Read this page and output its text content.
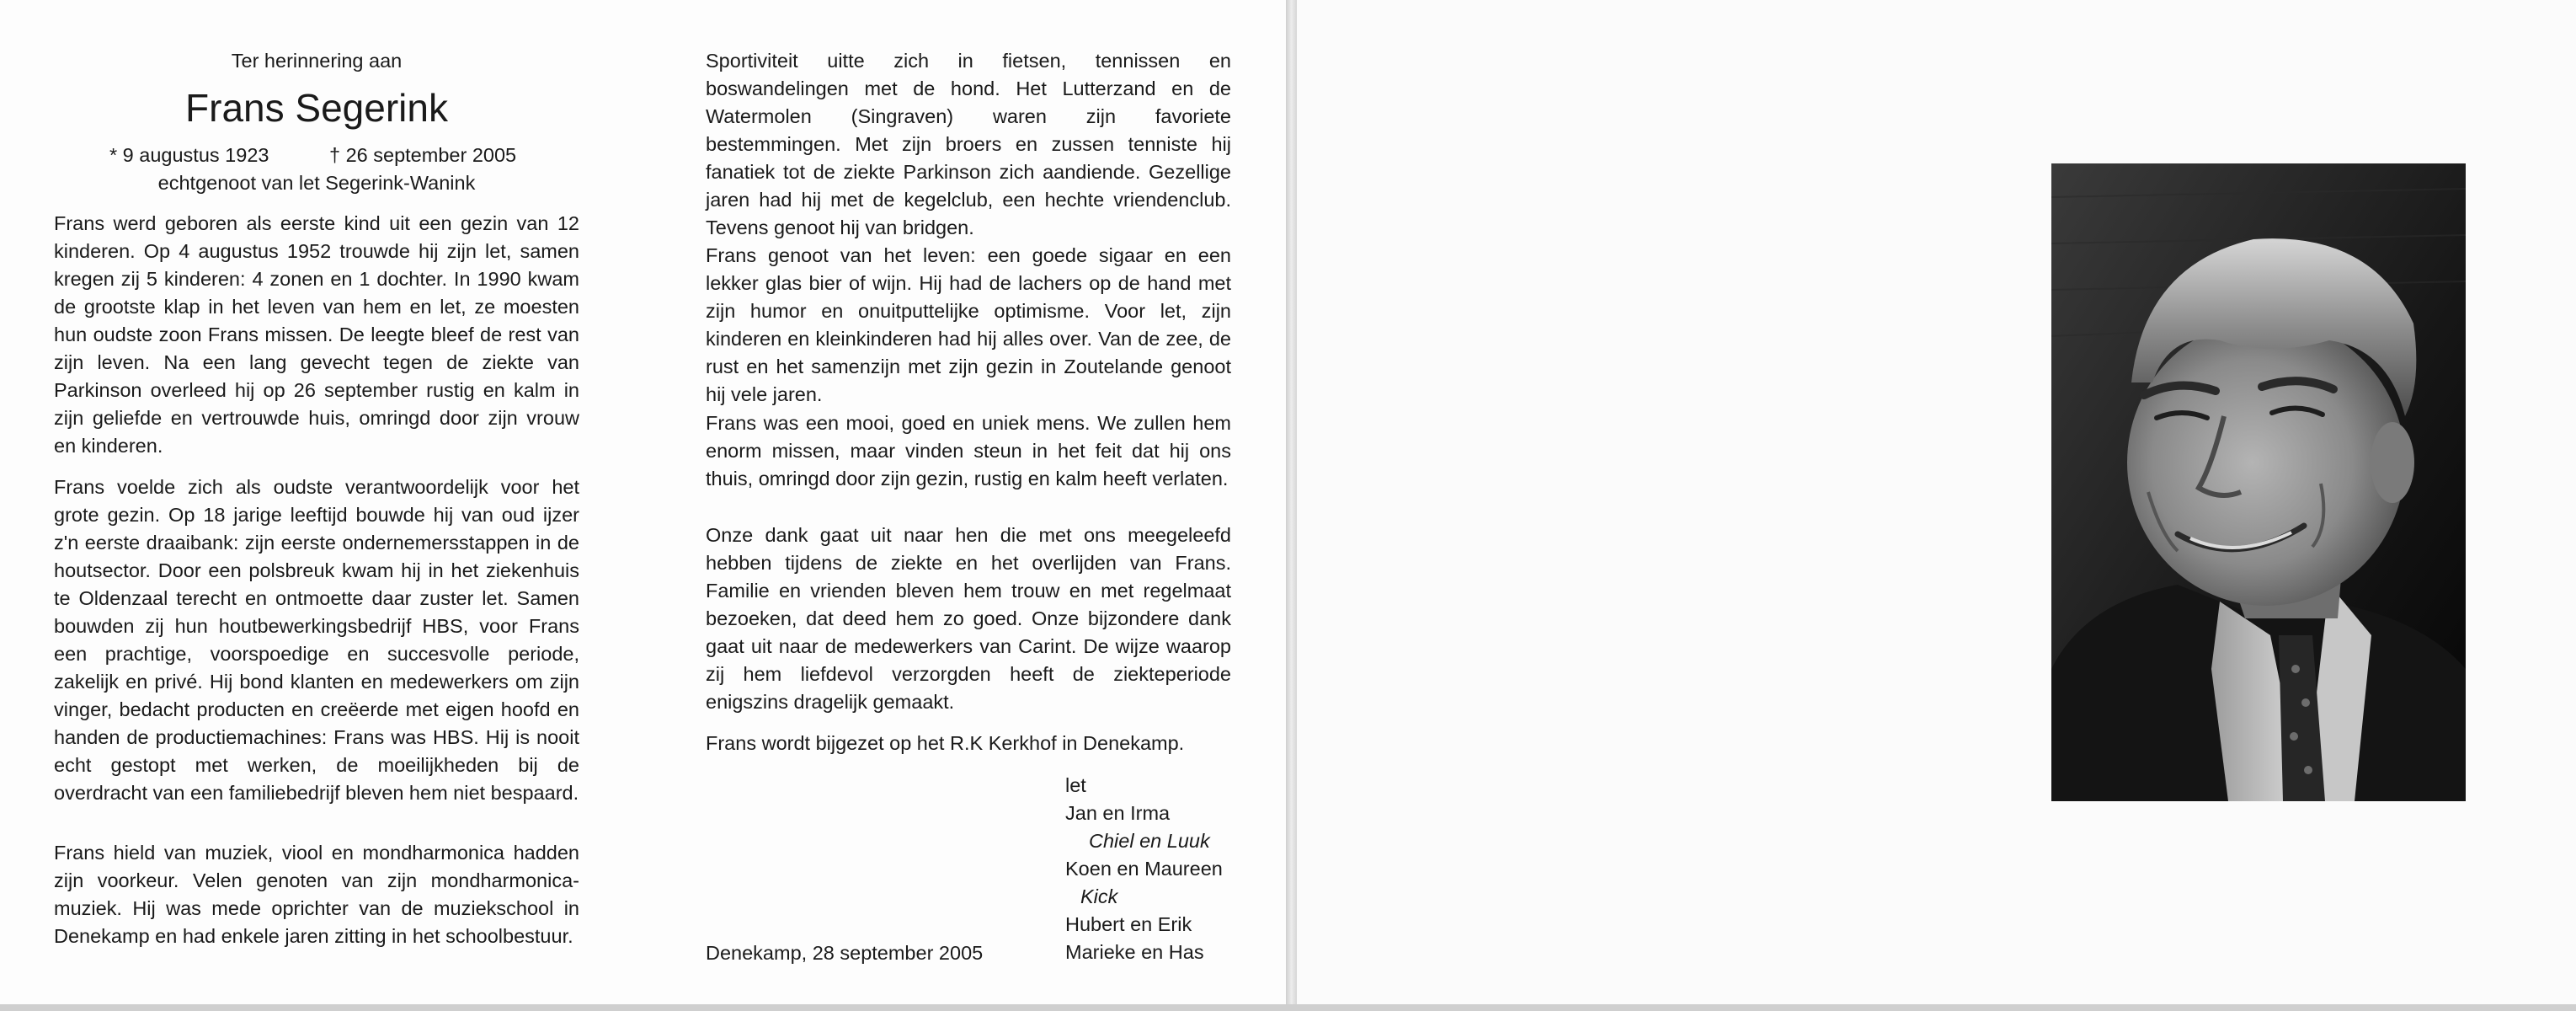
Ter herinnering aan
Frans Segerink
* 9 augustus 1923	† 26 september 2005
echtgenoot van let Segerink-Wanink

Frans werd geboren als eerste kind uit een gezin van 12 kinderen. Op 4 augustus 1952 trouwde hij zijn let, samen kregen zij 5 kinderen: 4 zonen en 1 dochter. In 1990 kwam de grootste klap in het leven van hem en let, ze moesten hun oudste zoon Frans missen. De leegte bleef de rest van zijn leven. Na een lang gevecht tegen de ziekte van Parkinson overleed hij op 26 september rustig en kalm in zijn geliefde en vertrouwde huis, omringd door zijn vrouw en kinderen.

Frans voelde zich als oudste verantwoordelijk voor het grote gezin. Op 18 jarige leeftijd bouwde hij van oud ijzer z'n eerste draaibank: zijn eerste ondernemersstappen in de houtsector. Door een polsbreuk kwam hij in het ziekenhuis te Oldenzaal terecht en ontmoette daar zuster let. Samen bouwden zij hun houtbewerkingsbedrijf HBS, voor Frans een prachtige, voorspoedige en succesvolle periode, zakelijk en privé. Hij bond klanten en medewerkers om zijn vinger, bedacht producten en creëerde met eigen hoofd en handen de productiemachines: Frans was HBS. Hij is nooit echt gestopt met werken, de moeilijkheden bij de overdracht van een familiebedrijf bleven hem niet bespaard.

Frans hield van muziek, viool en mondharmonica hadden zijn voorkeur. Velen genoten van zijn mondharmonica-muziek. Hij was mede oprichter van de muziekschool in Denekamp en had enkele jaren zitting in het schoolbestuur.

Sportiviteit uitte zich in fietsen, tennissen en boswandelingen met de hond. Het Lutterzand en de Watermolen (Singraven) waren zijn favoriete bestemmingen. Met zijn broers en zussen tenniste hij fanatiek tot de ziekte Parkinson zich aandiende. Gezellige jaren had hij met de kegelclub, een hechte vriendenclub. Tevens genoot hij van bridgen.

Frans genoot van het leven: een goede sigaar en een lekker glas bier of wijn. Hij had de lachers op de hand met zijn humor en onuitputtelijke optimisme. Voor let, zijn kinderen en kleinkinderen had hij alles over. Van de zee, de rust en het samenzijn met zijn gezin in Zoutelande genoot hij vele jaren.

Frans was een mooi, goed en uniek mens. We zullen hem enorm missen, maar vinden steun in het feit dat hij ons thuis, omringd door zijn gezin, rustig en kalm heeft verlaten.

Onze dank gaat uit naar hen die met ons meegeleefd hebben tijdens de ziekte en het overlijden van Frans. Familie en vrienden bleven hem trouw en met regelmaat bezoeken, dat deed hem zo goed. Onze bijzondere dank gaat uit naar de medewerkers van Carint. De wijze waarop zij hem liefdevol verzorgden heeft de ziekteperiode enigszins dragelijk gemaakt.

Frans wordt bijgezet op het R.K Kerkhof in Denekamp.

Denekamp, 28 september 2005
let
Jan en Irma
Chiel en Luuk
Koen en Maureen
Kick
Hubert en Erik
Marieke en Has
